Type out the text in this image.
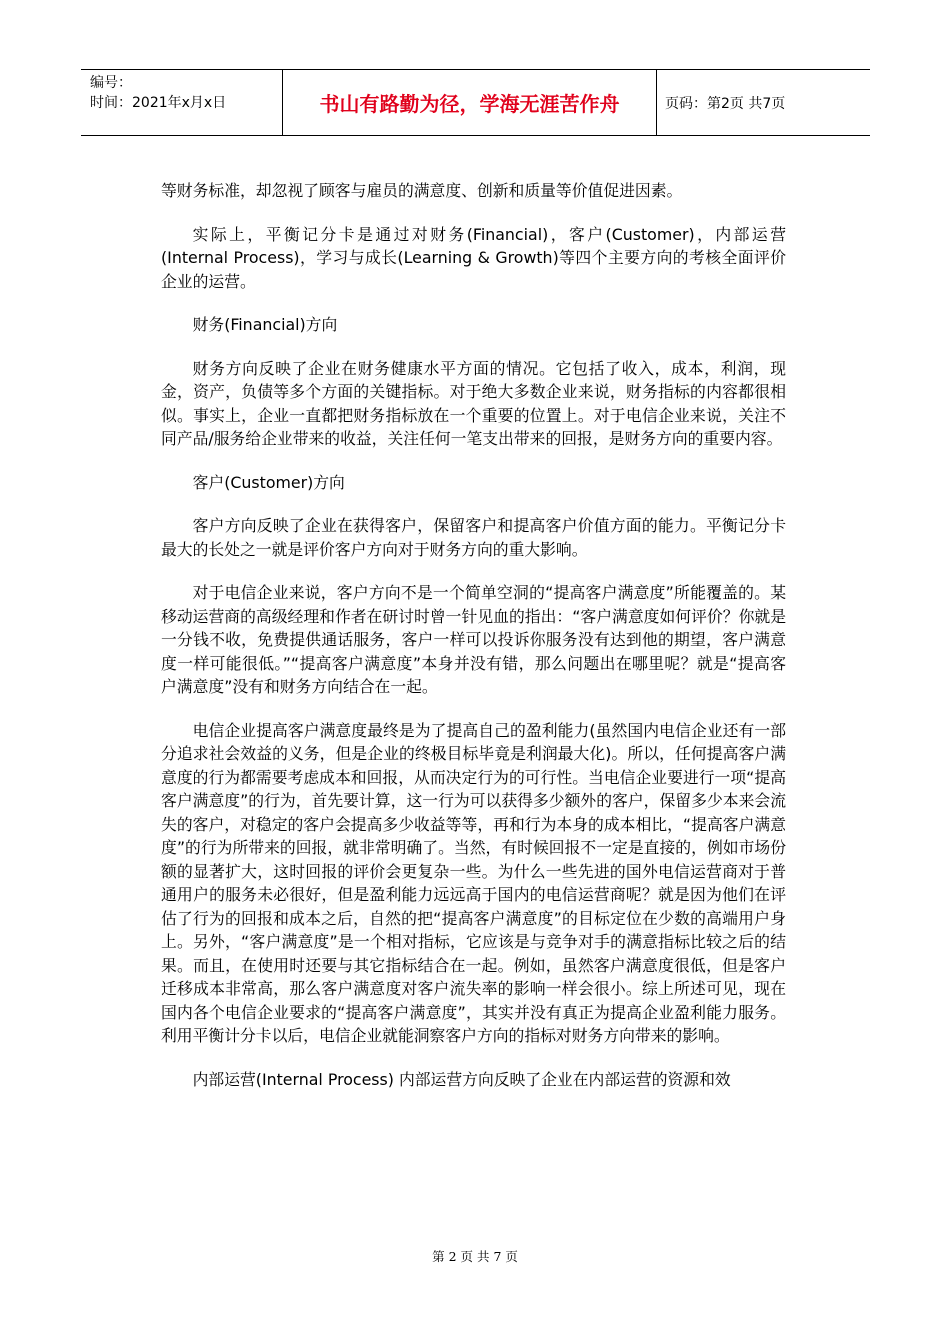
编号：
时间：2021年x月x日	书山有路勤为径，学海无涯苦作舟	页码：第2页 共7页

等财务标准，却忽视了顾客与雇员的满意度、创新和质量等价值促进因素。

实际上，平衡记分卡是通过对财务(Financial)，客户(Customer)，内部运营(Internal Process)，学习与成长(Learning & Growth)等四个主要方向的考核全面评价企业的运营。

财务(Financial)方向

财务方向反映了企业在财务健康水平方面的情况。它包括了收入，成本，利润，现金，资产，负债等多个方面的关键指标。对于绝大多数企业来说，财务指标的内容都很相似。事实上，企业一直都把财务指标放在一个重要的位置上。对于电信企业来说，关注不同产品/服务给企业带来的收益，关注任何一笔支出带来的回报，是财务方向的重要内容。

客户(Customer)方向

客户方向反映了企业在获得客户，保留客户和提高客户价值方面的能力。平衡记分卡最大的长处之一就是评价客户方向对于财务方向的重大影响。

对于电信企业来说，客户方向不是一个简单空洞的“提高客户满意度”所能覆盖的。某移动运营商的高级经理和作者在研讨时曾一针见血的指出：“客户满意度如何评价？你就是一分钱不收，免费提供通话服务，客户一样可以投诉你服务没有达到他的期望，客户满意度一样可能很低。”“提高客户满意度”本身并没有错，那么问题出在哪里呢？就是“提高客户满意度”没有和财务方向结合在一起。

电信企业提高客户满意度最终是为了提高自己的盈利能力(虽然国内电信企业还有一部分追求社会效益的义务，但是企业的终极目标毕竟是利润最大化)。所以，任何提高客户满意度的行为都需要考虑成本和回报，从而决定行为的可行性。当电信企业要进行一项“提高客户满意度”的行为，首先要计算，这一行为可以获得多少额外的客户，保留多少本来会流失的客户，对稳定的客户会提高多少收益等等，再和行为本身的成本相比，“提高客户满意度”的行为所带来的回报，就非常明确了。当然，有时候回报不一定是直接的，例如市场份额的显著扩大，这时回报的评价会更复杂一些。为什么一些先进的国外电信运营商对于普通用户的服务未必很好，但是盈利能力远远高于国内的电信运营商呢？就是因为他们在评估了行为的回报和成本之后，自然的把“提高客户满意度”的目标定位在少数的高端用户身上。另外，“客户满意度”是一个相对指标，它应该是与竞争对手的满意指标比较之后的结果。而且，在使用时还要与其它指标结合在一起。例如，虽然客户满意度很低，但是客户迁移成本非常高，那么客户满意度对客户流失率的影响一样会很小。综上所述可见，现在国内各个电信企业要求的“提高客户满意度”，其实并没有真正为提高企业盈利能力服务。利用平衡计分卡以后，电信企业就能洞察客户方向的指标对财务方向带来的影响。

内部运营(Internal Process) 内部运营方向反映了企业在内部运营的资源和效

第 2 页 共 7 页
